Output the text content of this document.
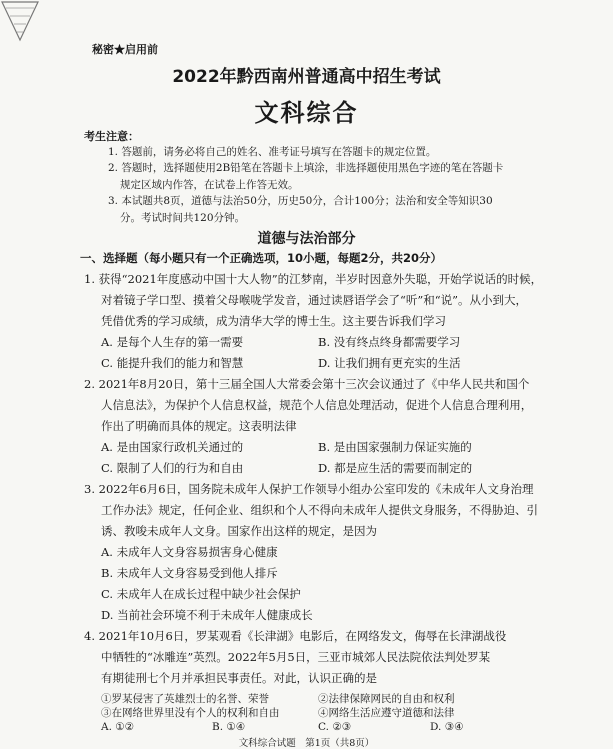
秘密★启用前
2022年黔西南州普通高中招生考试
文科综合
考生注意：
1. 答题前，请务必将自己的姓名、准考证号填写在答题卡的规定位置。
2. 答题时，选择题使用2B铅笔在答题卡上填涂，非选择题使用黑色字迹的笔在答题卡
规定区域内作答，在试卷上作答无效。
3. 本试题共8页，道德与法治50分，历史50分，合计100分；法治和安全等知识30
分。考试时间共120分钟。
道德与法治部分
一、选择题（每小题只有一个正确选项，10小题，每题2分，共20分）
1. 获得“2021年度感动中国十大人物”的江梦南，半岁时因意外失聪，开始学说话的时候，
对着镜子学口型、摸着父母喉咙学发音，通过读唇语学会了“听”和“说”。从小到大，
凭借优秀的学习成绩，成为清华大学的博士生。这主要告诉我们学习
A. 是每个人生存的第一需要	B. 没有终点终身都需要学习
C. 能提升我们的能力和智慧	D. 让我们拥有更充实的生活
2. 2021年8月20日，第十三届全国人大常委会第十三次会议通过了《中华人民共和国个
人信息法》，为保护个人信息权益，规范个人信息处理活动，促进个人信息合理利用，
作出了明确而具体的规定。这表明法律
A. 是由国家行政机关通过的	B. 是由国家强制力保证实施的
C. 限制了人们的行为和自由	D. 都是应生活的需要而制定的
3. 2022年6月6日，国务院未成年人保护工作领导小组办公室印发的《未成年人文身治理
工作办法》规定，任何企业、组织和个人不得向未成年人提供文身服务，不得胁迫、引
诱、教唆未成年人文身。国家作出这样的规定，是因为
A. 未成年人文身容易损害身心健康
B. 未成年人文身容易受到他人排斥
C. 未成年人在成长过程中缺少社会保护
D. 当前社会环境不利于未成年人健康成长
4. 2021年10月6日，罗某观看《长津湖》电影后，在网络发文，侮辱在长津湖战役
中牺牲的“冰雕连”英烈。2022年5月5日，三亚市城郊人民法院依法判处罗某
有期徒刑七个月并承担民事责任。对此，认识正确的是
①罗某侵害了英雄烈士的名誉、荣誉	②法律保障网民的自由和权利
③在网络世界里没有个人的权利和自由	④网络生活应遵守道德和法律
A. ①②	B. ①④	C. ②③	D. ③④
文科综合试题　第1页（共8页）
